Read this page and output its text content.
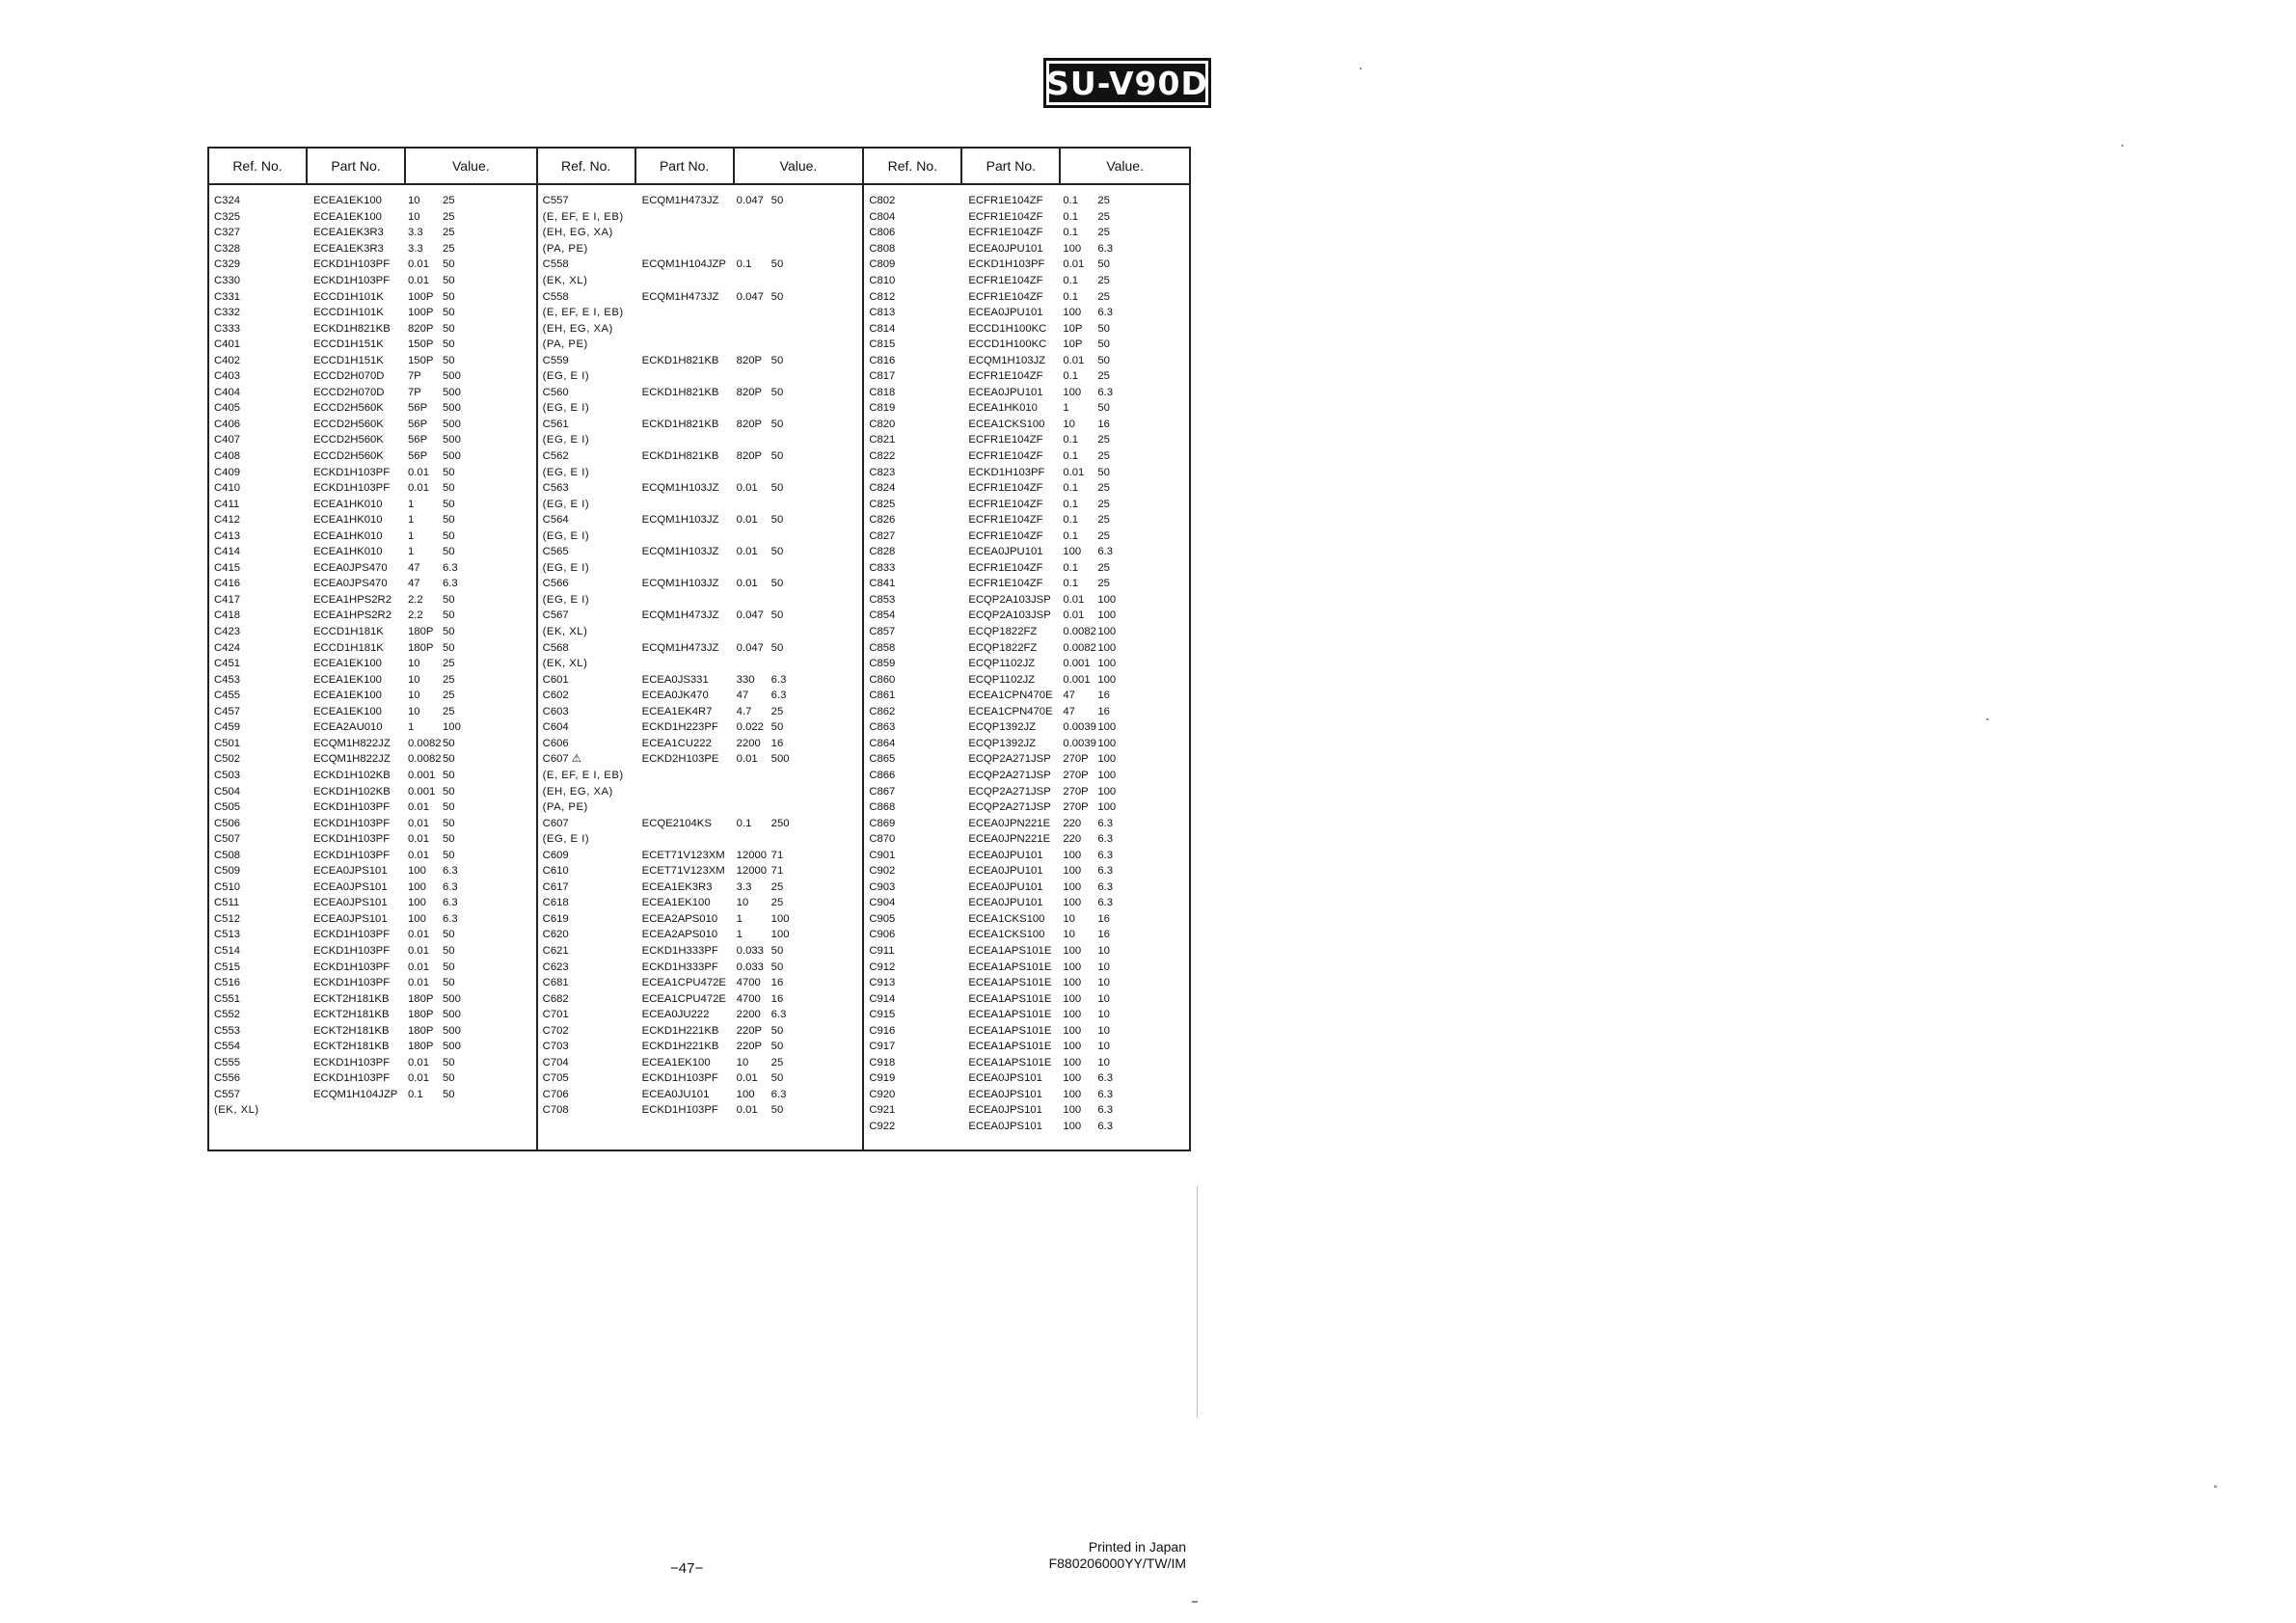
SU-V90D
Ref. No.	Part No.	Value.
C324	ECEA1EK100	10	25
C325	ECEA1EK100	10	25
C327	ECEA1EK3R3	3.3	25
C328	ECEA1EK3R3	3.3	25
C329	ECKD1H103PF	0.01	50
C330	ECKD1H103PF	0.01	50
C331	ECCD1H101K	100P 50
C332	ECCD1H101K	100P 50
C333	ECKD1H821KB	820P 50
C401	ECCD1H151K	150P 50
C402	ECCD1H151K	150P 50
C403	ECCD2H070D	7P	500
C404	ECCD2H070D	7P	500
C405	ECCD2H560K	56P	500
C406	ECCD2H560K	56P	500
C407	ECCD2H560K	56P	500
C408	ECCD2H560K	56P	500
C409	ECKD1H103PF	0.01	50
C410	ECKD1H103PF	0.01	50
C411	ECEA1HK010	1	50
C412	ECEA1HK010	1	50
C413	ECEA1HK010	1	50
C414	ECEA1HK010	1	50
C415	ECEA0JPS470	47	6.3
C416	ECEA0JPS470	47	6.3
C417	ECEA1HPS2R2	2.2	50
C418	ECEA1HPS2R2	2.2	50
C423	ECCD1H181K	180P 50
C424	ECCD1H181K	180P 50
C451	ECEA1EK100	10	25
C453	ECEA1EK100	10	25
C455	ECEA1EK100	10	25
C457	ECEA1EK100	10	25
C459	ECEA2AU010	1	100
C501	ECQM1H822JZ	0.0082 50
C502	ECQM1H822JZ	0.0082 50
C503	ECKD1H102KB	0.001 50
C504	ECKD1H102KB	0.001 50
C505	ECKD1H103PF	0.01	50
C506	ECKD1H103PF	0.01	50
C507	ECKD1H103PF	0.01	50
C508	ECKD1H103PF	0.01	50
C509	ECEA0JPS101	100	6.3
C510	ECEA0JPS101	100	6.3
C511	ECEA0JPS101	100	6.3
C512	ECEA0JPS101	100	6.3
C513	ECKD1H103PF	0.01	50
C514	ECKD1H103PF	0.01	50
C515	ECKD1H103PF	0.01	50
C516	ECKD1H103PF	0.01	50
C551	ECKT2H181KB	180P 500
C552	ECKT2H181KB	180P 500
C553	ECKT2H181KB	180P 500
C554	ECKT2H181KB	180P 500
C555	ECKD1H103PF	0.01	50
C556	ECKD1H103PF	0.01	50
C557	ECQM1H104JZP 0.1	50
(EK, XL)
Ref. No.	Part No.	Value.
C557	ECQM1H473JZ	0.047 50
(E, EF, E I, EB)
(EH, EG, XA)
(PA, PE)
C558	ECQM1H104JZP 0.1	50
(EK, XL)
C558	ECQM1H473JZ	0.047 50
(E, EF, E I, EB)
(EH, EG, XA)
(PA, PE)
C559	ECKD1H821KB	820P 50
(EG, E I)
C560	ECKD1H821KB	820P 50
(EG, E I)
C561	ECKD1H821KB	820P 50
(EG, E I)
C562	ECKD1H821KB	820P 50
(EG, E I)
C563	ECQM1H103JZ	0.01	50
(EG, E I)
C564	ECQM1H103JZ	0.01	50
(EG, E I)
C565	ECQM1H103JZ	0.01	50
(EG, E I)
C566	ECQM1H103JZ	0.01	50
(EG, E I)
C567	ECQM1H473JZ	0.047 50
(EK, XL)
C568	ECQM1H473JZ	0.047 50
(EK, XL)
C601	ECEA0JS331	330	6.3
C602	ECEA0JK470	47	6.3
C603	ECEA1EK4R7	4.7	25
C604	ECKD1H223PF	0.022 50
C606	ECEA1CU222	2200 16
C607 ⚠	ECKD2H103PE	0.01	500
(E, EF, E I, EB)
(EH, EG, XA)
(PA, PE)
C607	ECQE2104KS	0.1	250
(EG, E I)
C609	ECET71V123XM	12000 71
C610	ECET71V123XM	12000 71
C617	ECEA1EK3R3	3.3	25
C618	ECEA1EK100	10	25
C619	ECEA2APS010	1	100
C620	ECEA2APS010	1	100
C621	ECKD1H333PF	0.033 50
C623	ECKD1H333PF	0.033 50
C681	ECEA1CPU472E 4700 16
C682	ECEA1CPU472E 4700 16
C701	ECEA0JU222	2200 6.3
C702	ECKD1H221KB	220P 50
C703	ECKD1H221KB	220P 50
C704	ECEA1EK100	10	25
C705	ECKD1H103PF	0.01	50
C706	ECEA0JU101	100	6.3
C708	ECKD1H103PF	0.01	50
Ref. No.	Part No.	Value.
C802	ECFR1E104ZF	0.1	25
C804	ECFR1E104ZF	0.1	25
C806	ECFR1E104ZF	0.1	25
C808	ECEA0JPU101	100	6.3
C809	ECKD1H103PF	0.01	50
C810	ECFR1E104ZF	0.1	25
C812	ECFR1E104ZF	0.1	25
C813	ECEA0JPU101	100	6.3
C814	ECCD1H100KC	10P	50
C815	ECCD1H100KC	10P	50
C816	ECQM1H103JZ	0.01	50
C817	ECFR1E104ZF	0.1	25
C818	ECEA0JPU101	100	6.3
C819	ECEA1HK010	1	50
C820	ECEA1CKS100	10	16
C821	ECFR1E104ZF	0.1	25
C822	ECFR1E104ZF	0.1	25
C823	ECKD1H103PF	0.01	50
C824	ECFR1E104ZF	0.1	25
C825	ECFR1E104ZF	0.1	25
C826	ECFR1E104ZF	0.1	25
C827	ECFR1E104ZF	0.1	25
C828	ECEA0JPU101	100	6.3
C833	ECFR1E104ZF	0.1	25
C841	ECFR1E104ZF	0.1	25
C853	ECQP2A103JSP	0.01	100
C854	ECQP2A103JSP	0.01	100
C857	ECQP1822FZ	0.0082 100
C858	ECQP1822FZ	0.0082 100
C859	ECQP1102JZ	0.001 100
C860	ECQP1102JZ	0.001 100
C861	ECEA1CPN470E 47	16
C862	ECEA1CPN470E 47	16
C863	ECQP1392JZ	0.0039 100
C864	ECQP1392JZ	0.0039 100
C865	ECQP2A271JSP	270P 100
C866	ECQP2A271JSP	270P 100
C867	ECQP2A271JSP	270P 100
C868	ECQP2A271JSP	270P 100
C869	ECEA0JPN221E	220	6.3
C870	ECEA0JPN221E	220	6.3
C901	ECEA0JPU101	100	6.3
C902	ECEA0JPU101	100	6.3
C903	ECEA0JPU101	100	6.3
C904	ECEA0JPU101	100	6.3
C905	ECEA1CKS100	10	16
C906	ECEA1CKS100	10	16
C911	ECEA1APS101E	100	10
C912	ECEA1APS101E	100	10
C913	ECEA1APS101E	100	10
C914	ECEA1APS101E	100	10
C915	ECEA1APS101E	100	10
C916	ECEA1APS101E	100	10
C917	ECEA1APS101E	100	10
C918	ECEA1APS101E	100	10
C919	ECEA0JPS101	100	6.3
C920	ECEA0JPS101	100	6.3
C921	ECEA0JPS101	100	6.3
C922	ECEA0JPS101	100	6.3
−47−
Printed in Japan
F880206000YY/TW/IM
